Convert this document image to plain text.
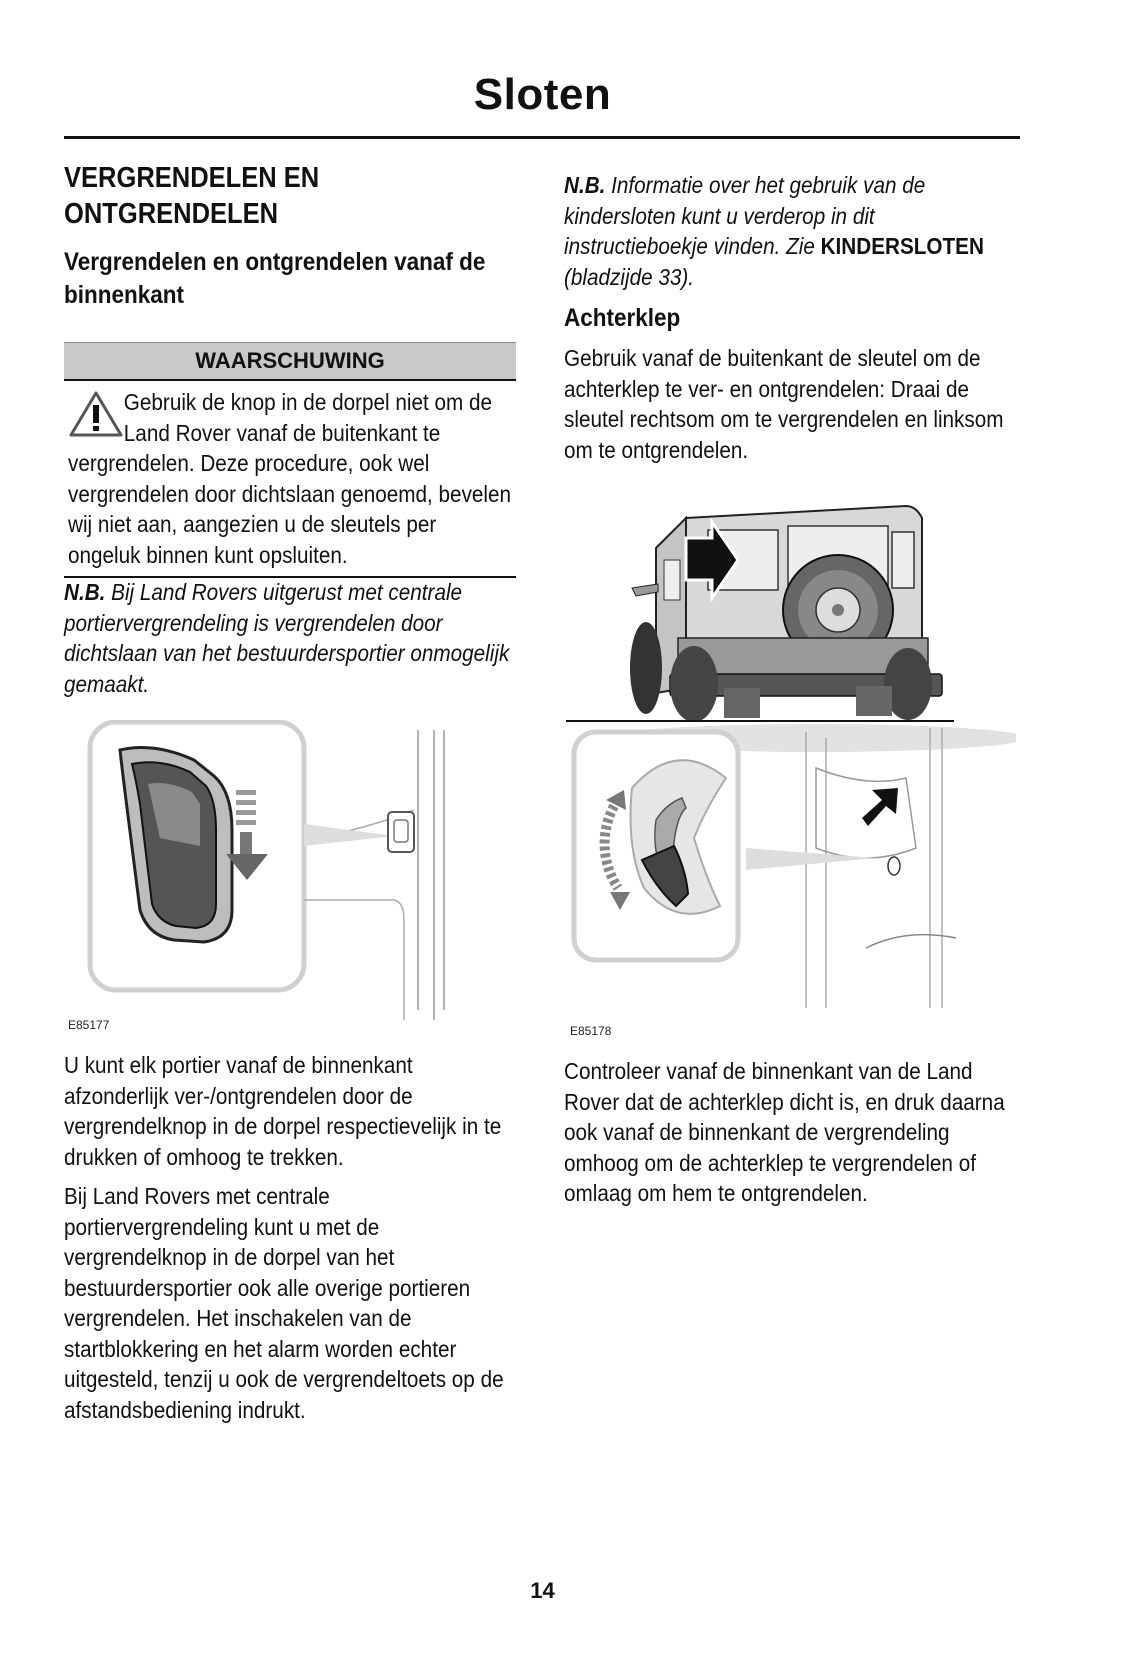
Sloten
VERGRENDELEN EN ONTGRENDELEN
Vergrendelen en ontgrendelen vanaf de binnenkant
WAARSCHUWING
Gebruik de knop in de dorpel niet om de Land Rover vanaf de buitenkant te vergrendelen. Deze procedure, ook wel vergrendelen door dichtslaan genoemd, bevelen wij niet aan, aangezien u de sleutels per ongeluk binnen kunt opsluiten.

N.B. Bij Land Rovers uitgerust met centrale portiervergrendeling is vergrendelen door dichtslaan van het bestuurdersportier onmogelijk gemaakt.

E85177

U kunt elk portier vanaf de binnenkant afzonderlijk ver-/ontgrendelen door de vergrendelknop in de dorpel respectievelijk in te drukken of omhoog te trekken.

Bij Land Rovers met centrale portiervergrendeling kunt u met de vergrendelknop in de dorpel van het bestuurdersportier ook alle overige portieren vergrendelen. Het inschakelen van de startblokkering en het alarm worden echter uitgesteld, tenzij u ook de vergrendeltoets op de afstandsbediening indrukt.

N.B. Informatie over het gebruik van de kindersloten kunt u verderop in dit instructieboekje vinden. Zie KINDERSLOTEN (bladzijde 33).

Achterklep

Gebruik vanaf de buitenkant de sleutel om de achterklep te ver- en ontgrendelen: Draai de sleutel rechtsom om te vergrendelen en linksom om te ontgrendelen.

E85178

Controleer vanaf de binnenkant van de Land Rover dat de achterklep dicht is, en druk daarna ook vanaf de binnenkant de vergrendeling omhoog om de achterklep te vergrendelen of omlaag om hem te ontgrendelen.

14
